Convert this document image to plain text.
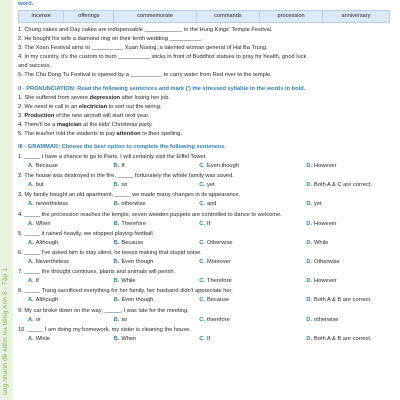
ùng nhanh đề kiểm tra tiếng Anh 8 - Tập 1
word.
incense	offerings	commemorate	commands	procession	anniversary
1. Chung cakes and Day cakes are indispensable ____________ in the Hung Kings' Temple Festival.
2. He bought his wife a diamond ring on their tenth wedding __________.
3. The Xoan Festival aims to __________ Xuan Nuong, a talented woman general of Hai Ba Trung.
4. In my country, it's the custom to burn __________ sticks in front of Buddhist statues to pray for health, good luck
and success.
5. The Chu Dong Tu Festival is opened by a __________ to carry water from Red river to the temple.
II - PRONUNCIATION: Read the following sentences and mark (') the stressed syllable in the words in bold.
1. She suffered from severe depression after losing her job.
2. We need to call in an electrician to sort out the wiring.
3. Production of the new aircraft will start next year.
4. There'll be a magician at the kids' Christmas party.
5. The teacher told the students to pay attention to their spelling.
III - GRAMMAR: Choose the best option to complete the following sentences.
1. _____ I have a chance to go to Paris, I will certainly visit the Eiffel Tower.
A. Because	B. If	C. Even though	D. However
2. The house was destroyed in the fire, _____ fortunately the whole family was saved.
A. but	B. so	C. yet	D. Both A & C are correct.
3. My family bought an old apartment, _____ we made many changes in its appearance.
A. nevertheless	B. otherwise	C. and	D. yet
4. _____ the procession reaches the temple, seven wooden puppets are controlled to dance to welcome.
A. When	B. Therefore	C. If	D. However
5. _____ it rained heavily, we stopped playing football.
A. Although	B. Because	C. Otherwise	D. While
6. _____ I've asked him to stay silent, he keeps making that stupid noise.
A. Nevertheless	B. Even though	C. Moreover	D. Otherwise
7. _____ the drought continues, plants and animals will perish.
A. If	B. While	C. Therefore	D. However
8. _____ Trang sacrificed everything for her family, her husband didn't appreciate her.
A. Although	B. Even though	C. Because	D. Both A & B are correct.
9. My car broke down on the way; _____, I was late for the meeting.
A. or	B. so	C. therefore	D. otherwise
10. _____ I am doing my homework, my sister is cleaning the house.
A. While	B. When	C. If	D. Both A & B are correct.
